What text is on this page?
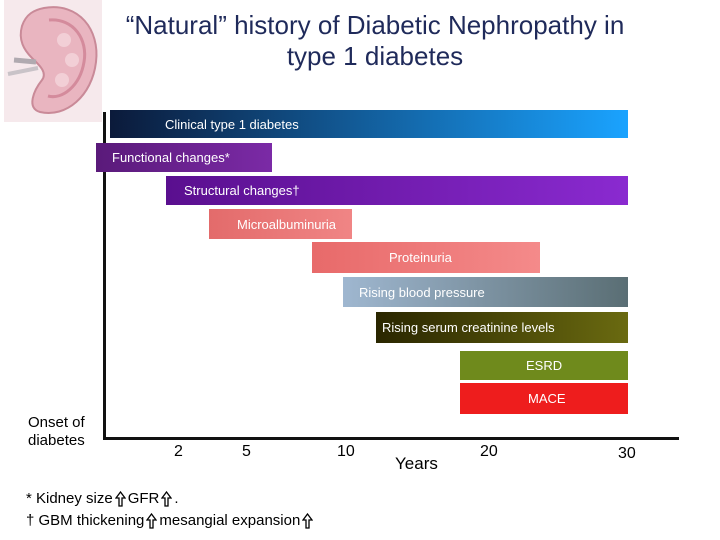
“Natural” history of Diabetic Nephropathy in
type 1 diabetes
Clinical type 1 diabetes
Functional changes*
Structural changes†
Microalbuminuria
Proteinuria
Rising blood pressure
Rising serum creatinine levels
ESRD
MACE
Onset of
diabetes
2	5	10
Years
20	30
* Kidney size GFR .
† GBM thickening mesangial expansion
